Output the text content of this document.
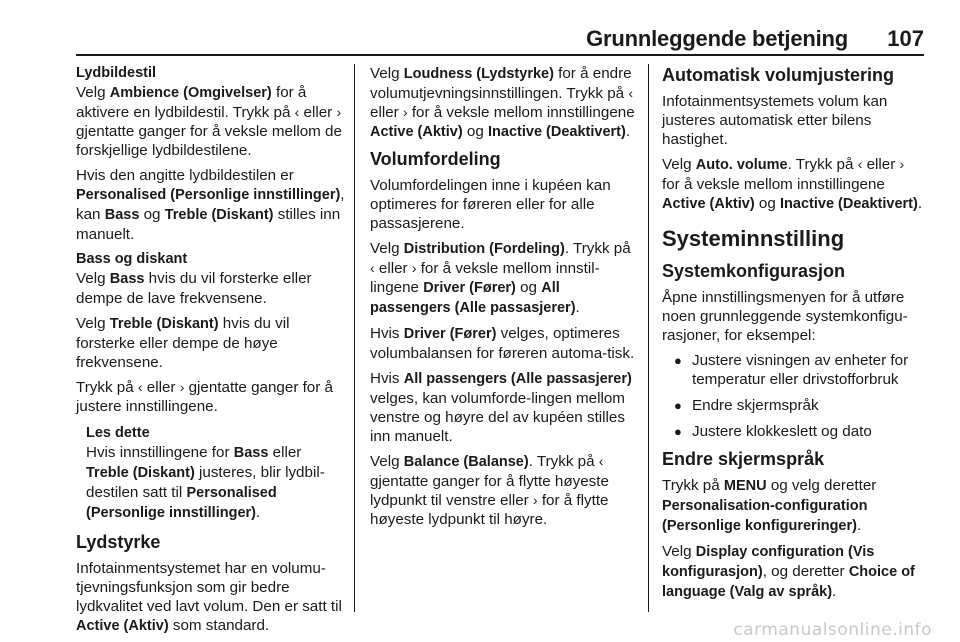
Grunnleggende betjening 107
Lydbildestil

Velg Ambience (Omgivelser) for å aktivere en lydbildestil. Trykk på ‹ eller › gjentatte ganger for å veksle mellom de forskjellige lydbildestilene.

Hvis den angitte lydbildestilen er Personalised (Personlige innstillinger), kan Bass og Treble (Diskant) stilles inn manuelt.

Bass og diskant

Velg Bass hvis du vil forsterke eller dempe de lave frekvensene.

Velg Treble (Diskant) hvis du vil forsterke eller dempe de høye frekvensene.

Trykk på ‹ eller › gjentatte ganger for å justere innstillingene.

Les dette
Hvis innstillingene for Bass eller Treble (Diskant) justeres, blir lydbil-destilen satt til Personalised (Personlige innstillinger).
Lydstyrke

Infotainmentsystemet har en volumu-tjevningsfunksjon som gir bedre lydkvalitet ved lavt volum. Den er satt til Active (Aktiv) som standard.

Velg Loudness (Lydstyrke) for å endre volumutjevningsinnstillingen. Trykk på ‹ eller › for å veksle mellom innstillingene Active (Aktiv) og Inactive (Deaktivert).

Volumfordeling

Volumfordelingen inne i kupéen kan optimeres for føreren eller for alle passasjerene.

Velg Distribution (Fordeling). Trykk på ‹ eller › for å veksle mellom innstil-lingene Driver (Fører) og All passengers (Alle passasjerer).

Hvis Driver (Fører) velges, optimeres volumbalansen for føreren automa-tisk.

Hvis All passengers (Alle passasjerer) velges, kan volumforde-lingen mellom venstre og høyre del av kupéen stilles inn manuelt.

Velg Balance (Balanse). Trykk på ‹ gjentatte ganger for å flytte høyeste lydpunkt til venstre eller › for å flytte høyeste lydpunkt til høyre.

Automatisk volumjustering

Infotainmentsystemets volum kan justeres automatisk etter bilens hastighet.

Velg Auto. volume. Trykk på ‹ eller › for å veksle mellom innstillingene Active (Aktiv) og Inactive (Deaktivert).

Systeminnstilling
Systemkonfigurasjon

Åpne innstillingsmenyen for å utføre noen grunnleggende systemkonfigu-rasjoner, for eksempel:

● Justere visningen av enheter for temperatur eller drivstofforbruk
● Endre skjermspråk
● Justere klokkeslett og dato
Endre skjermspråk

Trykk på MENU og velg deretter Personalisation-configuration (Personlige konfigureringer).

Velg Display configuration (Vis konfigurasjon), og deretter Choice of language (Valg av språk).

carmanualsonline.info
